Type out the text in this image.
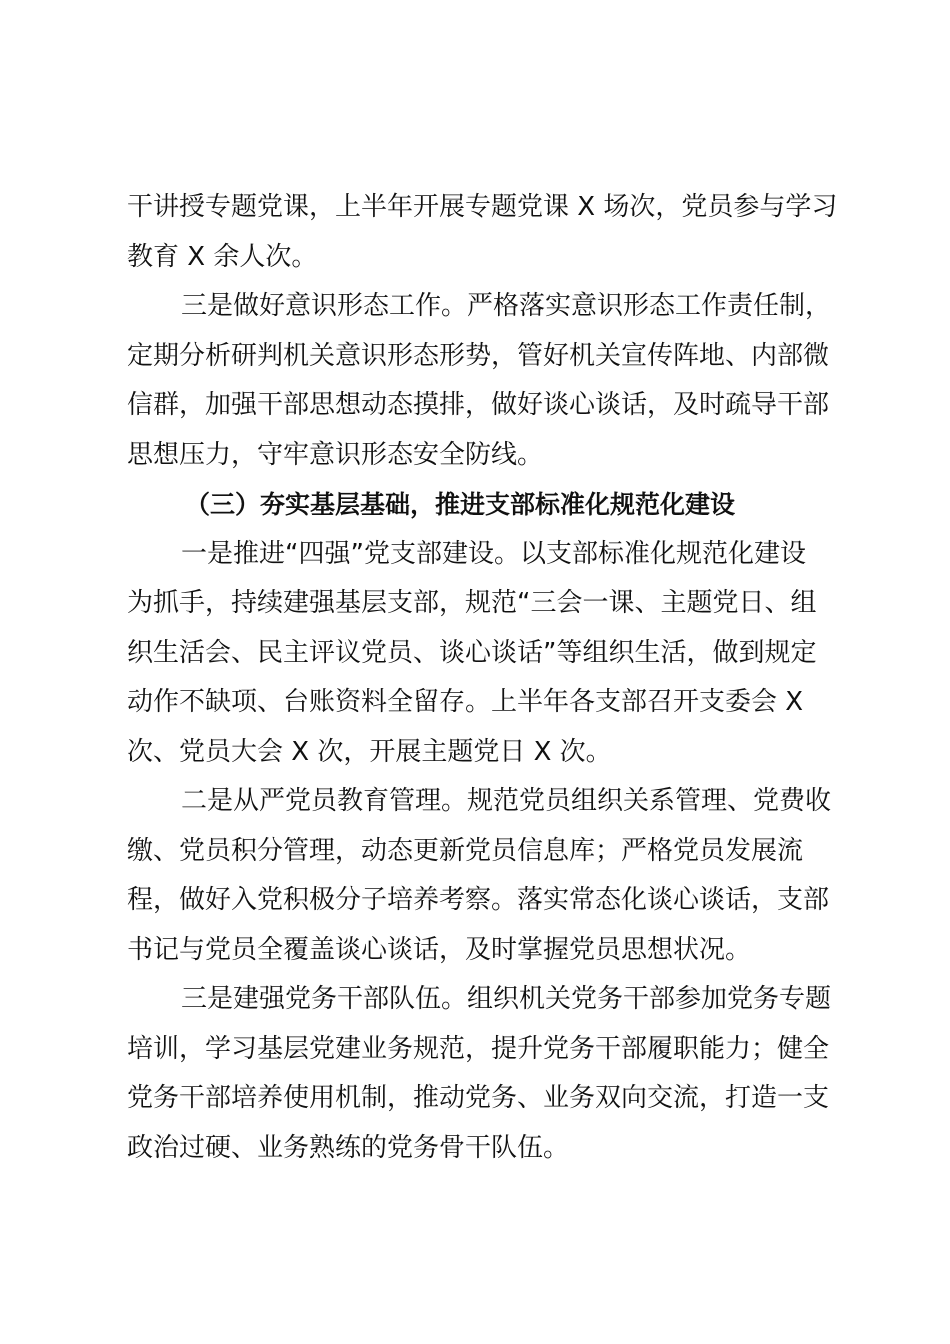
干讲授专题党课，上半年开展专题党课 X 场次，党员参与学习
教育 X 余人次。
三是做好意识形态工作。严格落实意识形态工作责任制，
定期分析研判机关意识形态形势，管好机关宣传阵地、内部微
信群，加强干部思想动态摸排，做好谈心谈话，及时疏导干部
思想压力，守牢意识形态安全防线。
（三）夯实基层基础，推进支部标准化规范化建设
一是推进“四强”党支部建设。以支部标准化规范化建设
为抓手，持续建强基层支部，规范“三会一课、主题党日、组
织生活会、民主评议党员、谈心谈话”等组织生活，做到规定
动作不缺项、台账资料全留存。上半年各支部召开支委会 X
次、党员大会 X 次，开展主题党日 X 次。
二是从严党员教育管理。规范党员组织关系管理、党费收
缴、党员积分管理，动态更新党员信息库；严格党员发展流
程，做好入党积极分子培养考察。落实常态化谈心谈话，支部
书记与党员全覆盖谈心谈话，及时掌握党员思想状况。
三是建强党务干部队伍。组织机关党务干部参加党务专题
培训，学习基层党建业务规范，提升党务干部履职能力；健全
党务干部培养使用机制，推动党务、业务双向交流，打造一支
政治过硬、业务熟练的党务骨干队伍。
